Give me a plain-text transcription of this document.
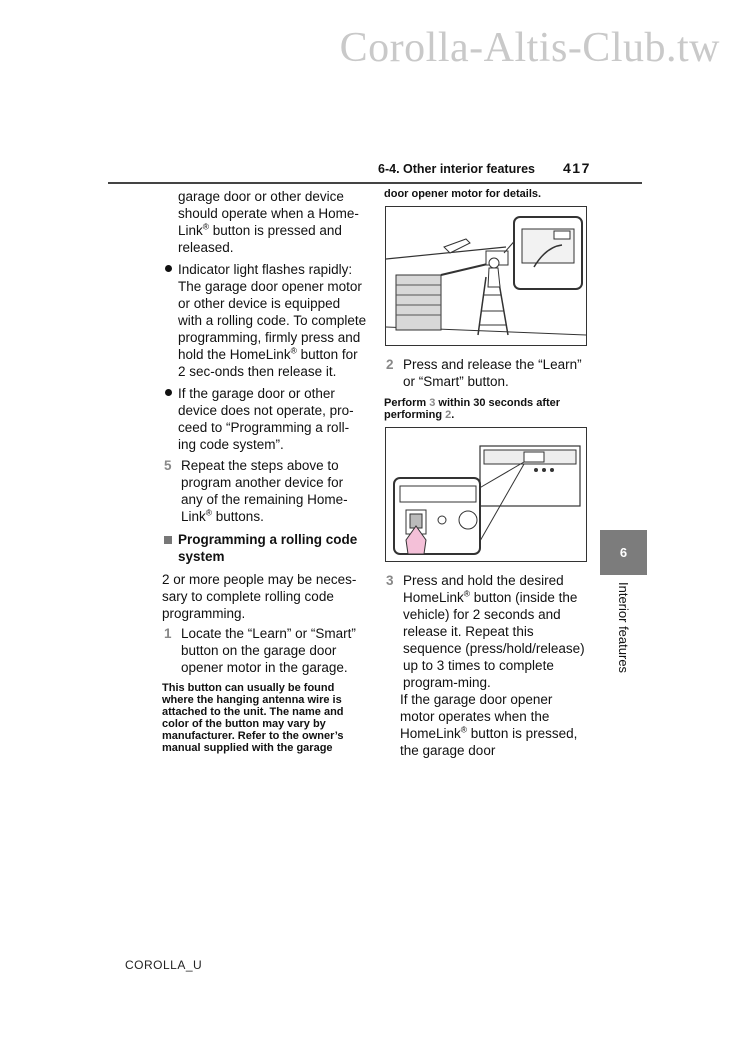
Corolla-Altis-Club.tw
6-4. Other interior features 417

garage door or other device should operate when a Home-Link® button is pressed and released.

Indicator light flashes rapidly: The garage door opener motor or other device is equipped with a rolling code. To complete programming, firmly press and hold the HomeLink® button for 2 sec-onds then release it.

If the garage door or other device does not operate, pro-ceed to “Programming a roll-ing code system”.

5 Repeat the steps above to program another device for any of the remaining Home-Link® buttons.

Programming a rolling code system

2 or more people may be neces-sary to complete rolling code programming.

1 Locate the “Learn” or “Smart” button on the garage door opener motor in the garage.

This button can usually be found where the hanging antenna wire is attached to the unit. The name and color of the button may vary by manufacturer. Refer to the owner’s manual supplied with the garage

door opener motor for details.

2 Press and release the “Learn” or “Smart” button.

Perform 3 within 30 seconds after performing 2.

3 Press and hold the desired HomeLink® button (inside the vehicle) for 2 seconds and release it. Repeat this sequence (press/hold/release) up to 3 times to complete program-ming.

If the garage door opener motor operates when the HomeLink® button is pressed, the garage door

6
Interior features
COROLLA_U
